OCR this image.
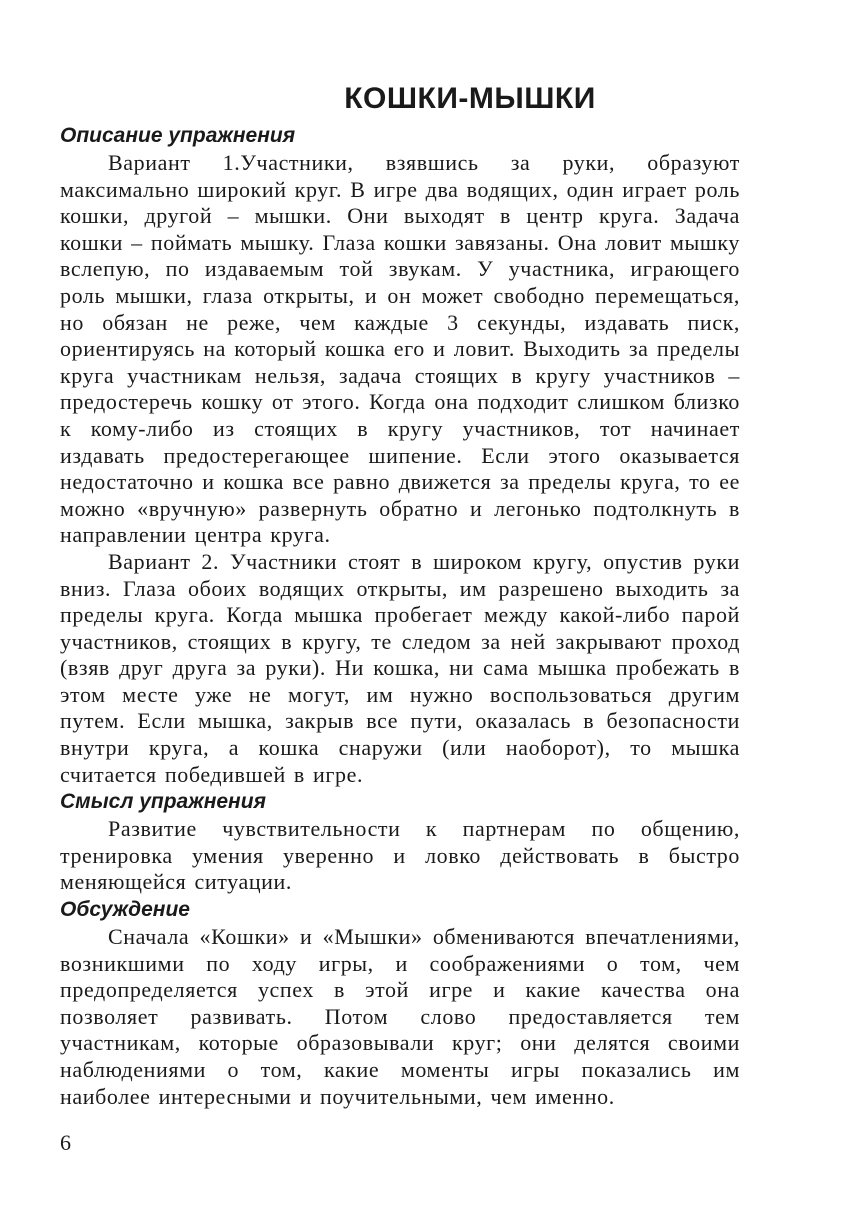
КОШКИ-МЫШКИ
Описание упражнения

Вариант 1.Участники, взявшись за руки, образуют максимально широкий круг. В игре два водящих, один играет роль кошки, другой – мышки. Они выходят в центр круга. Задача кошки – поймать мышку. Глаза кошки завязаны. Она ловит мышку вслепую, по издаваемым той звукам. У участника, играющего роль мышки, глаза открыты, и он может свободно перемещаться, но обязан не реже, чем каждые 3 секунды, издавать писк, ориентируясь на который кошка его и ловит. Выходить за пределы круга участникам нельзя, задача стоящих в кругу участников – предостеречь кошку от этого. Когда она подходит слишком близко к кому-либо из стоящих в кругу участников, тот начинает издавать предостерегающее шипение. Если этого оказывается недостаточно и кошка все равно движется за пределы круга, то ее можно «вручную» развернуть обратно и легонько подтолкнуть в направлении центра круга.

Вариант 2. Участники стоят в широком кругу, опустив руки вниз. Глаза обоих водящих открыты, им разрешено выходить за пределы круга. Когда мышка пробегает между какой-либо парой участников, стоящих в кругу, те следом за ней закрывают проход (взяв друг друга за руки). Ни кошка, ни сама мышка пробежать в этом месте уже не могут, им нужно воспользоваться другим путем. Если мышка, закрыв все пути, оказалась в безопасности внутри круга, а кошка снаружи (или наоборот), то мышка считается победившей в игре.

Смысл упражнения

Развитие чувствительности к партнерам по общению, тренировка умения уверенно и ловко действовать в быстро меняющейся ситуации.

Обсуждение

Сначала «Кошки» и «Мышки» обмениваются впечатлениями, возникшими по ходу игры, и соображениями о том, чем предопределяется успех в этой игре и какие качества она позволяет развивать. Потом слово предоставляется тем участникам, которые образовывали круг; они делятся своими наблюдениями о том, какие моменты игры показались им наиболее интересными и поучительными, чем именно.

6
